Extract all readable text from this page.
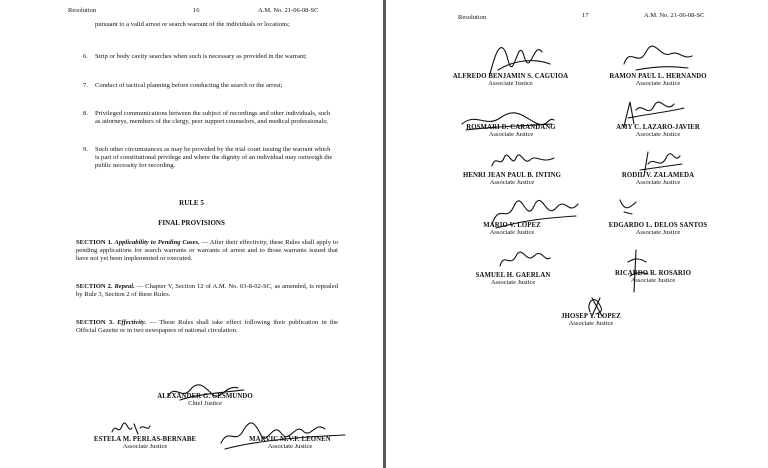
Resolution	16	A.M. No. 21-06-08-SC
pursuant to a valid arrest or search warrant of the individuals or locations;
6. Strip or body cavity searches when such is necessary as provided in the warrant;
7. Conduct of tactical planning before conducting the search or the arrest;
8. Privileged communications between the subject of recordings and other individuals, such as attorneys, members of the clergy, peer support counselors, and medical professionals;
9. Such other circumstances as may be provided by the trial court issuing the warrant which is part of constitutional privilege and where the dignity of an individual may outweigh the public necessity for recording.
RULE 5
FINAL PROVISIONS
SECTION 1. Applicability to Pending Cases. — After their effectivity, these Rules shall apply to pending applications for search warrants or warrants of arrest and to those warrants issued that have not yet been implemented or executed.
SECTION 2. Repeal. — Chapter V, Section 12 of A.M. No. 03-8-02-SC, as amended, is repealed by Rule 3, Section 2 of these Rules.
SECTION 3. Effectivity. — These Rules shall take effect following their publication in the Official Gazette or in two newspapers of national circulation.
ALEXANDER G. GESMUNDO
Chief Justice
ESTELA M. PERLAS-BERNABE
Associate Justice
MARVIC M.V.F. LEONEN
Associate Justice
Resolution	17	A.M. No. 21-06-08-SC
ALFREDO BENJAMIN S. CAGUIOA
Associate Justice
RAMON PAUL L. HERNANDO
Associate Justice
ROSMARI D. CARANDANG
Associate Justice
AMY C. LAZARO-JAVIER
Associate Justice
HENRI JEAN PAUL B. INTING
Associate Justice
RODIL V. ZALAMEDA
Associate Justice
MARIO V. LOPEZ
Associate Justice
EDGARDO L. DELOS SANTOS
Associate Justice
SAMUEL H. GAERLAN
Associate Justice
RICARDO R. ROSARIO
Associate Justice
JHOSEP Y. LOPEZ
Associate Justice
